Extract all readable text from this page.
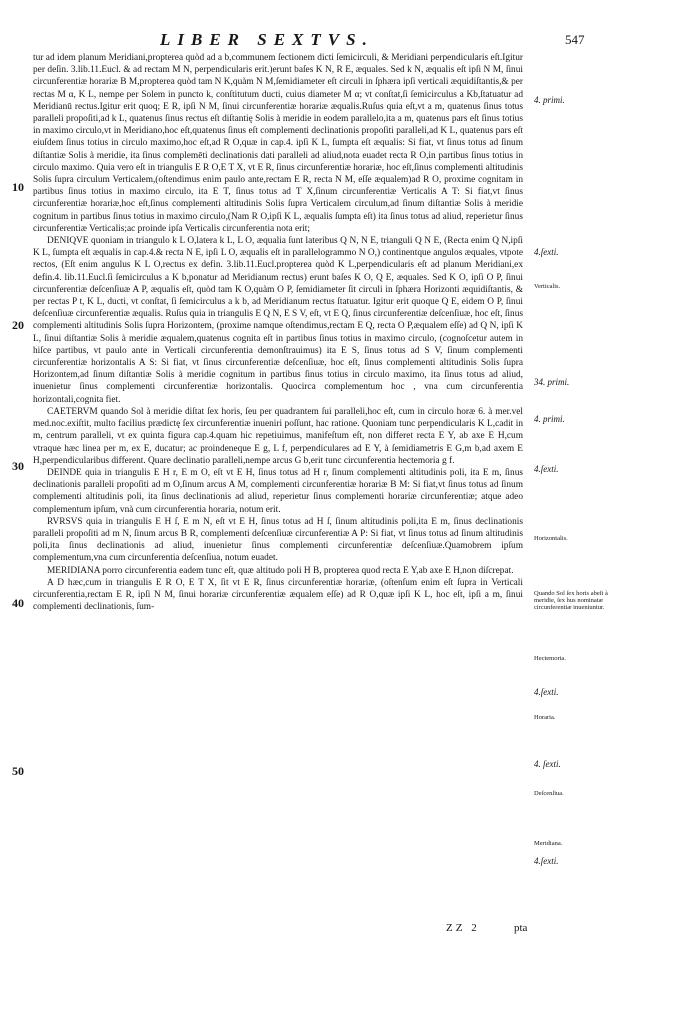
LIBER SEXTVS.	547

tur ad idem planum Meridiani,propterea quòd ad a b,communem ſectionem dicti ſemicirculi, & Meridiani perpendicularis eſt.Igitur per deſin. 3.lib.11.Eucl. & ad rectam M N, perpendicularis erit.)erunt baſes K N, R E, æquales. Sed k N, æqualis eſt ipſi N M, ſinui circunferentiæ horariæ B M,propterea quòd tam N K,quàm N M,ſemidiameter eſt circuli in ſphæra ipſi verticali æquidiſtantis,& per rectas M α, K L, nempe per Solem in puncto k, conſtitutum ducti, cuius diameter M α; vt conſtat,ſi ſemicirculus a Kb,ſtatuatur ad Meridianū rectus.Igitur erit quoq; E R, ipſi N M, ſinui circunferentiæ horariæ æqualis.Ruſus quia eſt,vt a m, quatenus ſinus totus paralleli propoſiti,ad k L, quatenus ſinus rectus eſt diſtantię Solis à meridie in eodem parallelo,ita a m, quatenus pars eſt ſinus totius in maximo circulo,vt in Meridiano,hoc eſt,quatenus ſinus eſt complementi declinationis propoſiti paralleli,ad K L, quatenus pars eſt eiuſdem ſinus totius in circulo maximo,hoc eſt,ad R O,quæ in cap.4. ipſi K L, ſumpta eſt æqualis: Si fiat, vt ſinus totus ad ſinum diſtantiæ Solis à meridie, ita ſinus complemēti declinationis dati paralleli ad aliud,nota euadet recta R O,in partibus ſinus totius in circulo maximo. Quia vero eſt in triangulis E R O,E T X, vt E R, ſinus circunferentiæ horariæ, hoc eſt,ſinus complementi altitudinis Solis ſupra circulum Verticalem,(oſtendimus enim paulo ante,rectam E R, recta N M, eſſe æqualem)ad R O, proxime cognitam in partibus ſinus totius in maximo circulo, ita E T, ſinus totus ad T X,ſinum circunferentiæ Verticalis A T: Si fiat,vt ſinus circunferentiæ horariæ,hoc eſt,ſinus complementi altitudinis Solis ſupra Verticalem circulum,ad ſinum diſtantiæ Solis à meridie cognitum in partibus ſinus totius in maximo circulo,(Nam R O,ipſi K L, æqualis ſumpta eſt) ita ſinus totus ad aliud, reperietur ſinus circunferentiæ Verticalis;ac proinde ipſa Verticalis circunferentia nota erit;

DENIQVE quoniam in triangulo k L O,latera k L, L O, æqualia ſunt lateribus Q N, N E, trianguli Q N E, (Recta enim Q N,ipſi K L, ſumpta eſt æqualis in cap.4.& recta N E, ipſi L O, æqualis eſt in parallelogrammo N O,) continentque angulos æquales, vtpote rectos, (Eſt enim angulus K L O,rectus ex defin. 3.lib.11.Eucl.propterea quòd K L,perpendicularis eſt ad planum Meridiani,ex defin.4. lib.11.Eucl.ſi ſemicirculus a K b,ponatur ad Meridianum rectus) erunt baſes K O, Q E, æquales. Sed K O, ipſi O P, ſinui circunferentiæ deſcenſiuæ A P, æqualis eſt, quòd tam K O,quàm O P, ſemidiameter ſit circuli in ſphæra Horizonti æquidiſtantis, & per rectas P t, K L, ducti, vt conſtat, ſi ſemicirculus a k b, ad Meridianum rectus ſtatuatur. Igitur erit quoque Q E, eidem O P, ſinui deſcenſiuæ circunferentiæ æqualis. Ruſus quia in triangulis E Q N, E S V, eſt, vt E Q, ſinus circunferentiæ deſcenſiuæ, hoc eſt, ſinus complementi altitudinis Solis ſupra Horizontem, (proxime namque oſtendimus,rectam E Q, recta O P,æqualem eſſe) ad Q N, ipſi K L, ſinui diſtantiæ Solis à meridie æqualem,quatenus cognita eſt in partibus ſinus totius in maximo circulo, (cognoſcetur autem in hiſce partibus, vt paulo ante in Verticali circunferentia demonſtrauimus) ita E S, ſinus totus ad S V, ſinum complementi circunferentiæ horizontalis A S: Si fiat, vt ſinus circunferentiæ deſcenſiuæ, hoc eſt, ſinus complementi altitudinis Solis ſupra Horizontem,ad ſinum diſtantiæ Solis à meridie cognitum in partibus ſinus totius in circulo maximo, ita ſinus totus ad aliud, inuenietur ſinus complementi circunferentiæ horizontalis. Quocirca complementum hoc , vna cum circunferentia horizontali,cognita fiet.

CAETERVM quando Sol à meridie diſtat ſex horis, ſeu per quadrantem ſui paralleli,hoc eſt, cum in circulo horæ 6. à mer.vel med.noc.exiſtit, multo facilius prædictę ſex circunferentiæ inueniri poſſunt, hac ratione. Quoniam tunc perpendicularis K L,cadit in m, centrum paralleli, vt ex quinta figura cap.4.quam hic repetiuimus, manifeſtum eſt, non differet recta E Y, ab axe E H,cum vtraque hæc linea per m, ex E, ducatur; ac proindeneque E g, L f, perpendiculares ad E Y, à ſemidiametris E G,m b,ad axem E H,perpendicularibus different. Quare declinatio paralleli,nempe arcus G b,erit tunc circunferentia hectemoria g f.

DEINDE quia in triangulis E H r, E m O, eſt vt E H, ſinus totus ad H r, ſinum complementi altitudinis poli, ita E m, ſinus declinationis paralleli propoſiti ad m O,ſinum arcus A M, complementi circunferentiæ horariæ B M: Si fiat,vt ſinus totus ad ſinum complementi altitudinis poli, ita ſinus declinationis ad aliud, reperietur ſinus complementi horariæ circunferentiæ; atque adeo complementum ipſum, vnà cum circunferentia horaria, notum erit.

RVRSVS quia in triangulis E H ſ, E m N, eſt vt E H, ſinus totus ad H ſ, ſinum altitudinis poli,ita E m, ſinus declinationis paralleli propoſiti ad m N, ſinum arcus B R, complementi deſcenſiuæ circunferentiæ A P: Si fiat, vt ſinus totus ad ſinum altitudinis poli,ita ſinus declinationis ad aliud, inuenietur ſinus complementi circunferentiæ deſcenſiuæ.Quamobrem ipſum complementum,vna cum circunferentia deſcenſiua, notum euadet.

MERIDIANA porro circunferentia eadem tunc eſt, quæ altitudo poli H B, propterea quod recta E Y,ab axe E H,non diſcrepat.

A D hæc,cum in triangulis E R O, E T X, ſit vt E R, ſinus circunferentiæ horariæ, (oſtenſum enim eſt ſupra in Verticali circunferentia,rectam E R, ipſi N M, ſinui horariæ circunferentiæ æqualem eſſe) ad R O,quæ ipſi K L, hoc eſt, ipſi a m, ſinui complementi declinationis, ſum-

10
20
30
40
50
4. primi.
4.ſexti.
Verticalis.
34. primi.
4. primi.
4.ſexti.
Horizontalis.
Quando Sol ſex horis abeſt à meridie, ſex hus nominatæ circunferentiæ inueniuntur.
Hectemoria.
4.ſexti.
Horaria.
4. ſexti.
Deſcenſiua.
Meridiana.
4.ſexti.
ZZ 2	pta
